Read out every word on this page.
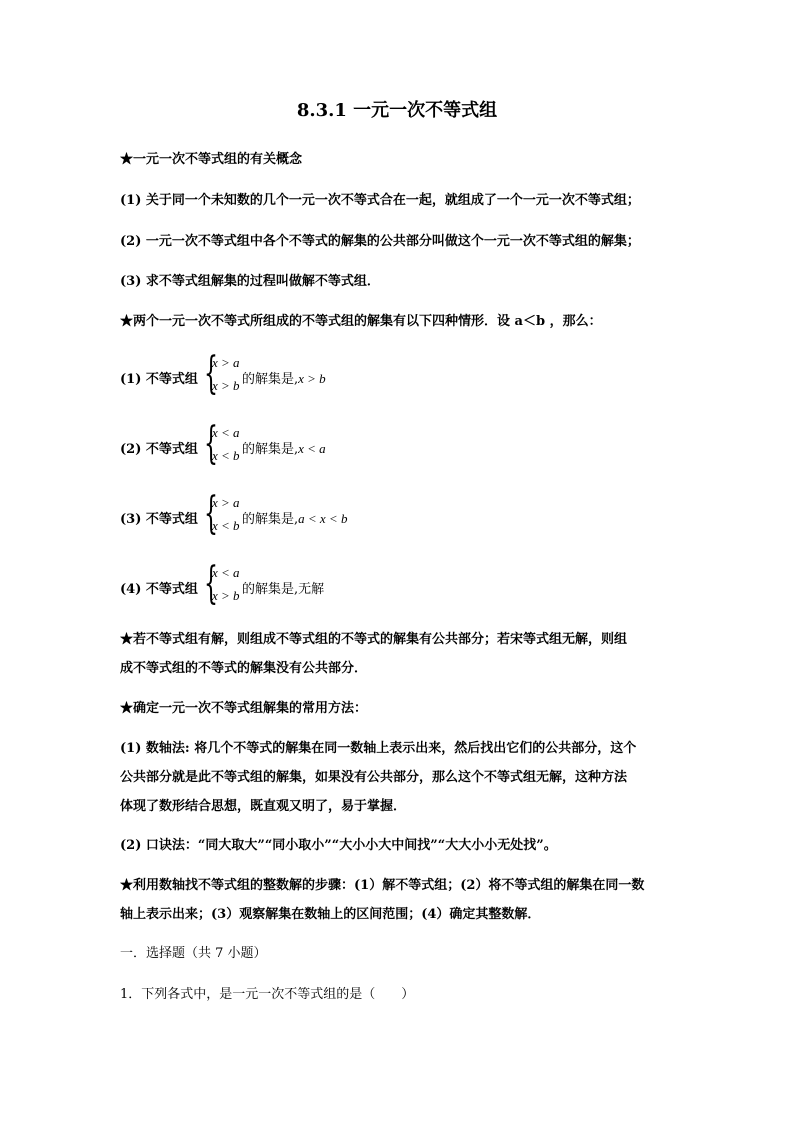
8.3.1 一元一次不等式组
★一元一次不等式组的有关概念
(1) 关于同一个未知数的几个一元一次不等式合在一起，就组成了一个一元一次不等式组；
(2) 一元一次不等式组中各个不等式的解集的公共部分叫做这个一元一次不等式组的解集；
(3) 求不等式组解集的过程叫做解不等式组．
★两个一元一次不等式所组成的不等式组的解集有以下四种情形．设 a＜b ，那么：
(1) 不等式组 {
x > a
x > b 的解集是,x > b
(2) 不等式组 {
x < a
x < b 的解集是,x < a
(3) 不等式组 {
x > a
x < b 的解集是,a < x < b
(4) 不等式组 {
x < a
x > b 的解集是,无解
★若不等式组有解，则组成不等式组的不等式的解集有公共部分；若宋等式组无解，则组
成不等式组的不等式的解集没有公共部分．
★确定一元一次不等式组解集的常用方法：
(1) 数轴法: 将几个不等式的解集在同一数轴上表示出来，然后找出它们的公共部分，这个
公共部分就是此不等式组的解集，如果没有公共部分，那么这个不等式组无解，这种方法
体现了数形结合思想，既直观又明了，易于掌握．
(2) 口诀法：“同大取大”“同小取小”“大小小大中间找”“大大小小无处找”。
★利用数轴找不等式组的整数解的步骤：(1）解不等式组；(2）将不等式组的解集在同一数
轴上表示出来；(3）观察解集在数轴上的区间范围；(4）确定其整数解．
一．选择题（共 7 小题）
1．下列各式中，是一元一次不等式组的是（　　）
